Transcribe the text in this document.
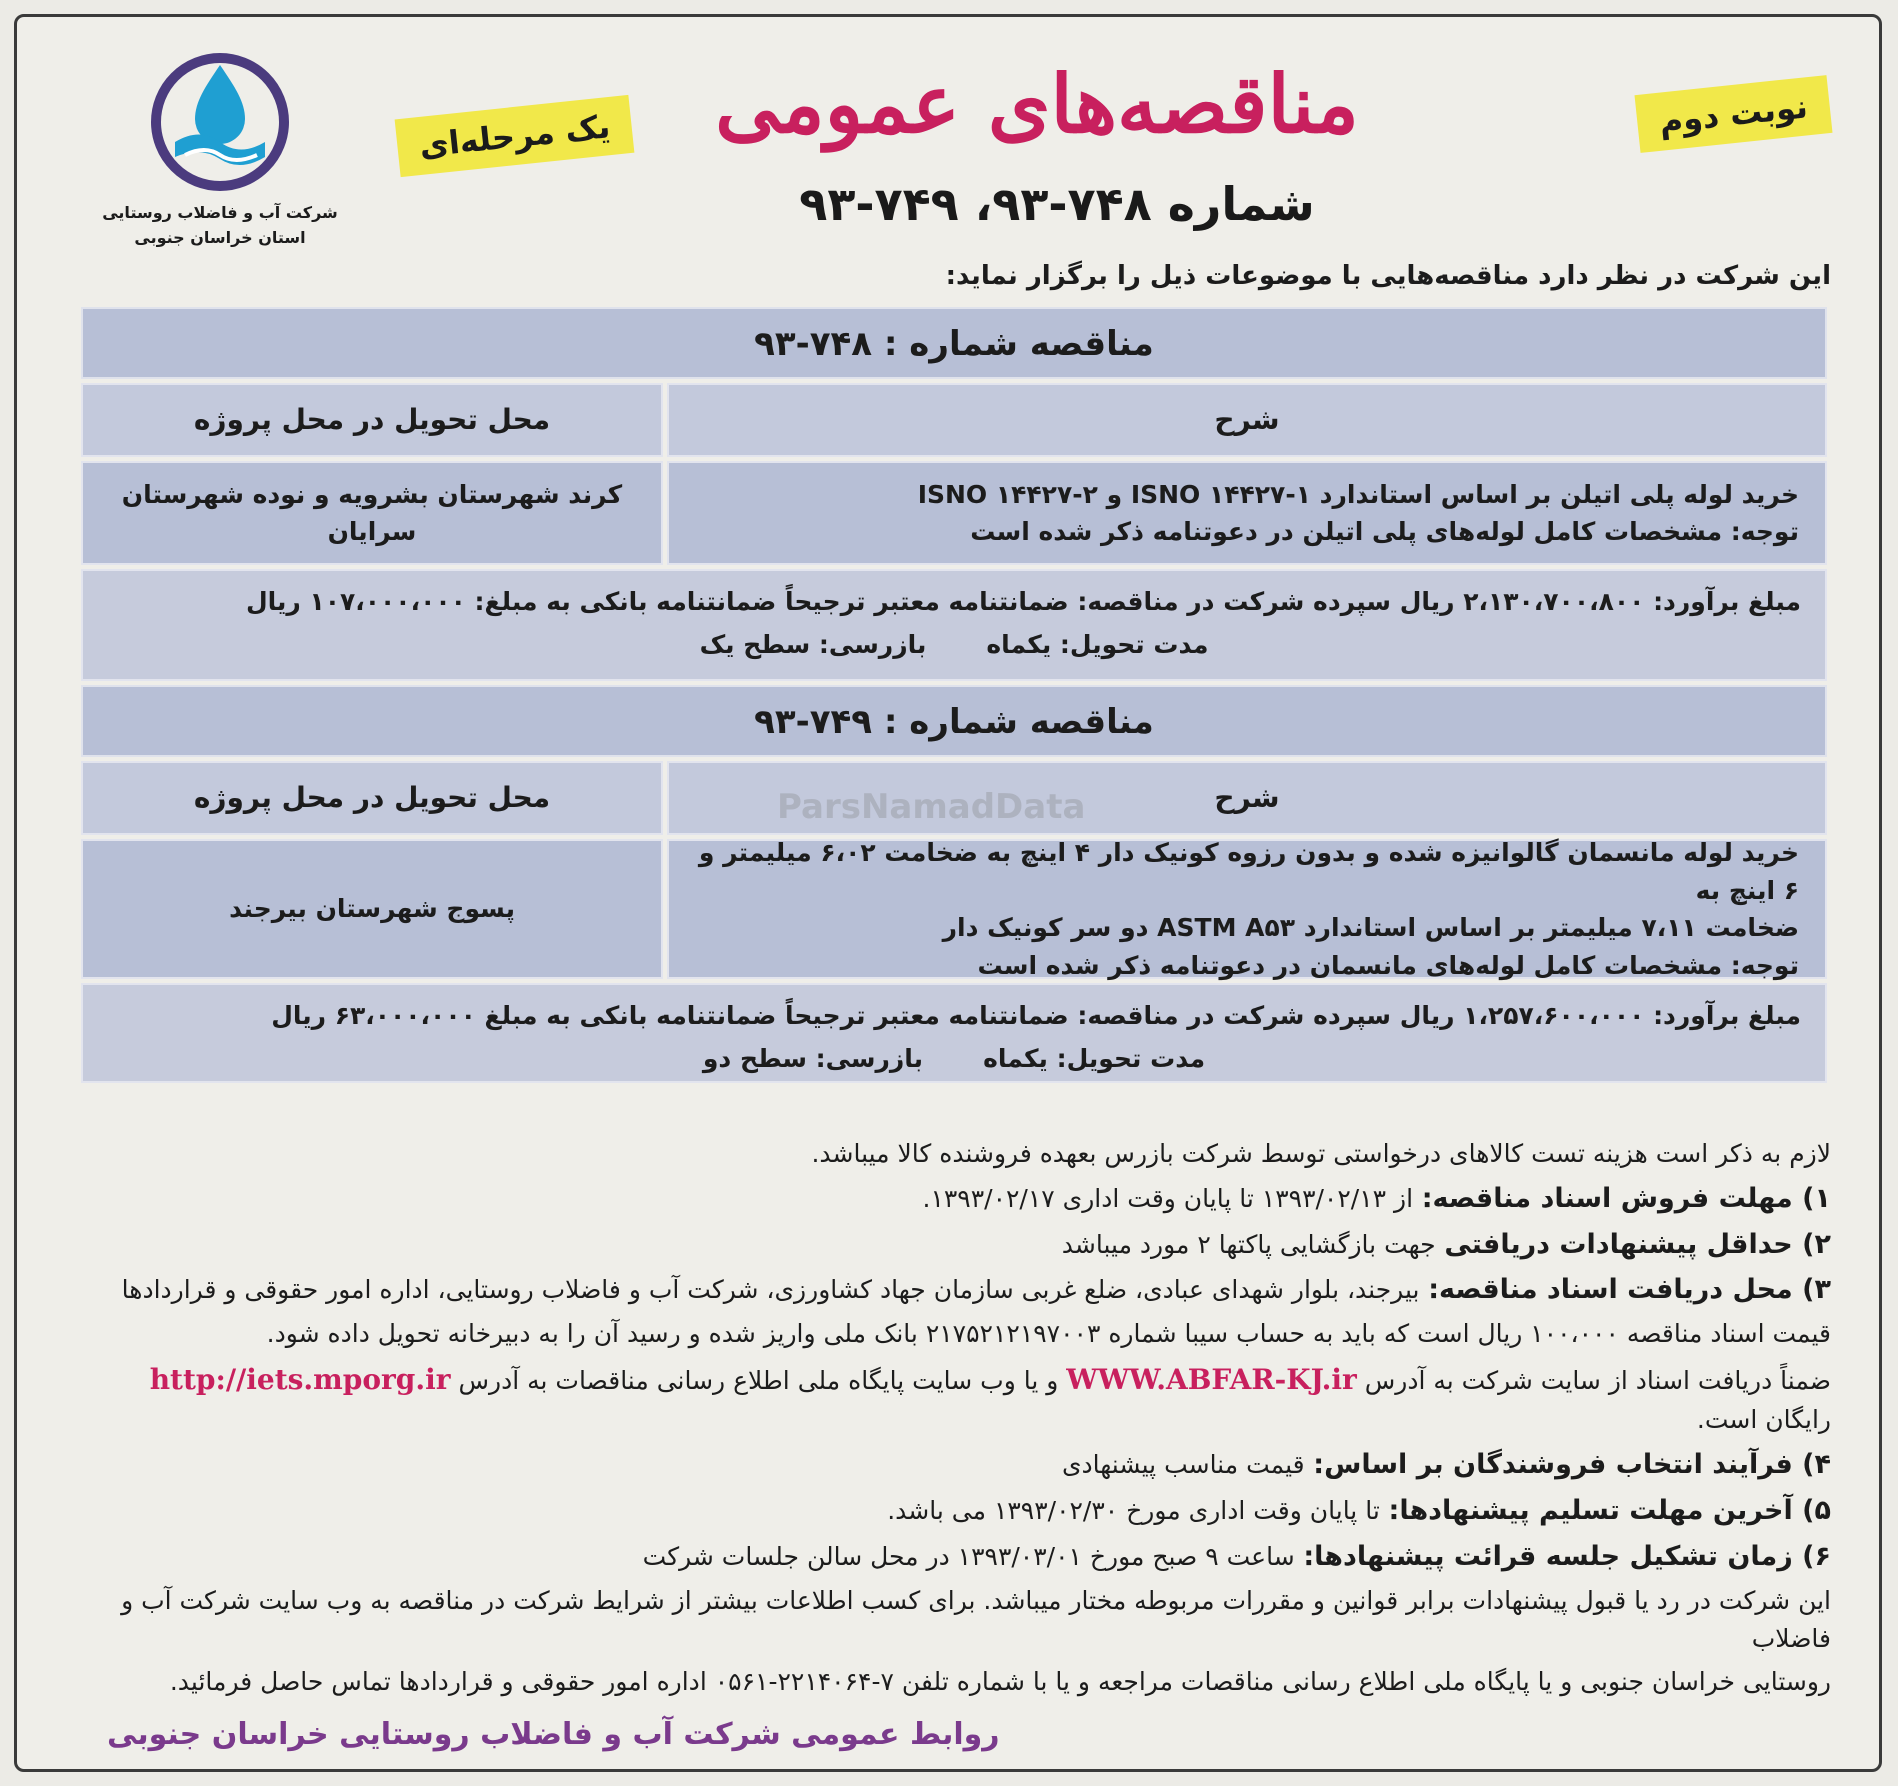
شرکت آب و فاضلاب روستایی
استان خراسان جنوبی
یک مرحله‌ای	مناقصه‌های عمومی
شماره ۷۴۸-۹۳، ۷۴۹-۹۳
نوبت دوم
این شرکت در نظر دارد مناقصه‌هایی با موضوعات ذیل را برگزار نماید:
مناقصه شماره : ۷۴۸-۹۳
شرح
محل تحویل در محل پروژه
خرید لوله پلی اتیلن بر اساس استاندارد ۱-۱۴۴۲۷ ISNO و ۲-۱۴۴۲۷ ISNO
توجه: مشخصات کامل لوله‌های پلی اتیلن در دعوتنامه ذکر شده است
کرند شهرستان بشرویه و نوده شهرستان سرایان
مبلغ برآورد: ۲،۱۳۰،۷۰۰،۸۰۰ ریال سپرده شرکت در مناقصه: ضمانتنامه معتبر ترجیحاً ضمانتنامه بانکی به مبلغ: ۱۰۷،۰۰۰،۰۰۰ ریال
مدت تحویل: یکماه
بازرسی: سطح یک
مناقصه شماره : ۷۴۹-۹۳
شرح
محل تحویل در محل پروژه
خرید لوله مانسمان گالوانیزه شده و بدون رزوه کونیک دار ۴ اینچ به ضخامت ۶،۰۲ میلیمتر و ۶ اینچ به
ضخامت ۷،۱۱ میلیمتر بر اساس استاندارد ASTM A۵۳ دو سر کونیک دار
توجه: مشخصات کامل لوله‌های مانسمان در دعوتنامه ذکر شده است
پسوج شهرستان بیرجند
مبلغ برآورد: ۱،۲۵۷،۶۰۰،۰۰۰ ریال سپرده شرکت در مناقصه: ضمانتنامه معتبر ترجیحاً ضمانتنامه بانکی به مبلغ ۶۳،۰۰۰،۰۰۰ ریال
مدت تحویل: یکماه
بازرسی: سطح دو
ParsNamadData

لازم به ذکر است هزینه تست کالاهای درخواستی توسط شرکت بازرس بعهده فروشنده کالا میباشد.

۱) مهلت فروش اسناد مناقصه: از ۱۳۹۳/۰۲/۱۳ تا پایان وقت اداری ۱۳۹۳/۰۲/۱۷.

۲) حداقل پیشنهادات دریافتی جهت بازگشایی پاکتها ۲ مورد میباشد

۳) محل دریافت اسناد مناقصه: بیرجند، بلوار شهدای عبادی، ضلع غربی سازمان جهاد کشاورزی، شرکت آب و فاضلاب روستایی، اداره امور حقوقی و قراردادها

قیمت اسناد مناقصه ۱۰۰،۰۰۰ ریال است که باید به حساب سیبا شماره ۲۱۷۵۲۱۲۱۹۷۰۰۳ بانک ملی واریز شده و رسید آن را به دبیرخانه تحویل داده شود.

ضمناً دریافت اسناد از سایت شرکت به آدرس WWW.ABFAR-KJ.ir و یا وب سایت پایگاه ملی اطلاع رسانی مناقصات به آدرس http://iets.mporg.ir رایگان است.

۴) فرآیند انتخاب فروشندگان بر اساس: قیمت مناسب پیشنهادی

۵) آخرین مهلت تسلیم پیشنهادها: تا پایان وقت اداری مورخ ۱۳۹۳/۰۲/۳۰ می باشد.

۶) زمان تشکیل جلسه قرائت پیشنهادها: ساعت ۹ صبح مورخ ۱۳۹۳/۰۳/۰۱ در محل سالن جلسات شرکت

این شرکت در رد یا قبول پیشنهادات برابر قوانین و مقررات مربوطه مختار میباشد. برای کسب اطلاعات بیشتر از شرایط شرکت در مناقصه به وب سایت شرکت آب و فاضلاب

روستایی خراسان جنوبی و یا پایگاه ملی اطلاع رسانی مناقصات مراجعه و یا با شماره تلفن ۷-۲۲۱۴۰۶۴-۰۵۶۱ اداره امور حقوقی و قراردادها تماس حاصل فرمائید.

روابط عمومی شرکت آب و فاضلاب روستایی خراسان جنوبی
